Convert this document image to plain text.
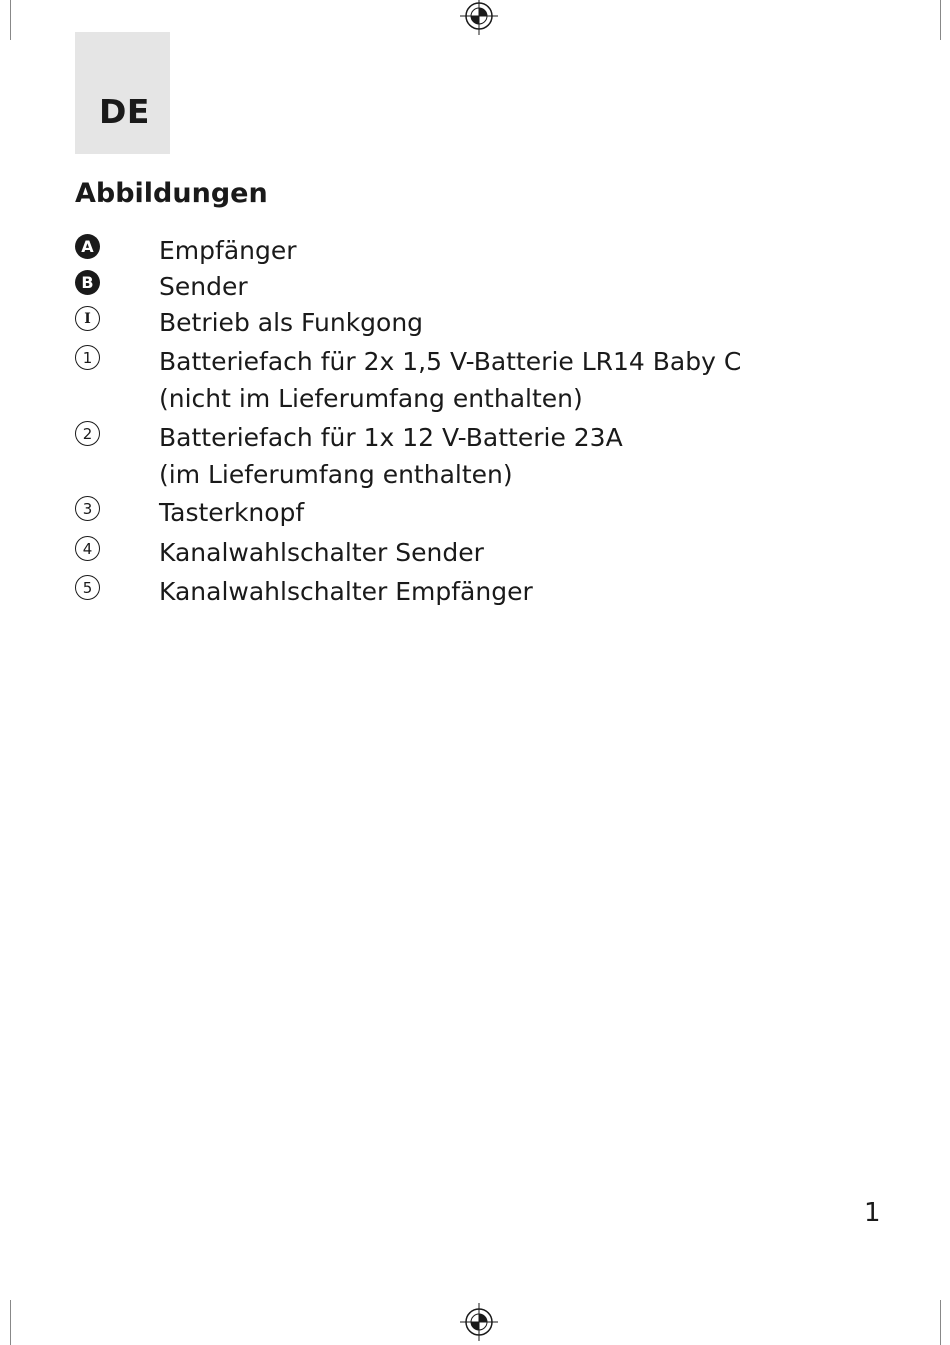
DE
Abbildungen
A	Empfänger
B	Sender
I	Betrieb als Funkgong
1	Batteriefach für 2x 1,5 V-Batterie LR14 Baby C
(nicht im Lieferumfang enthalten)
2	Batteriefach für 1x 12 V-Batterie 23A
(im Lieferumfang enthalten)
3	Tasterknopf
4	Kanalwahlschalter Sender
5	Kanalwahlschalter Empfänger
1
